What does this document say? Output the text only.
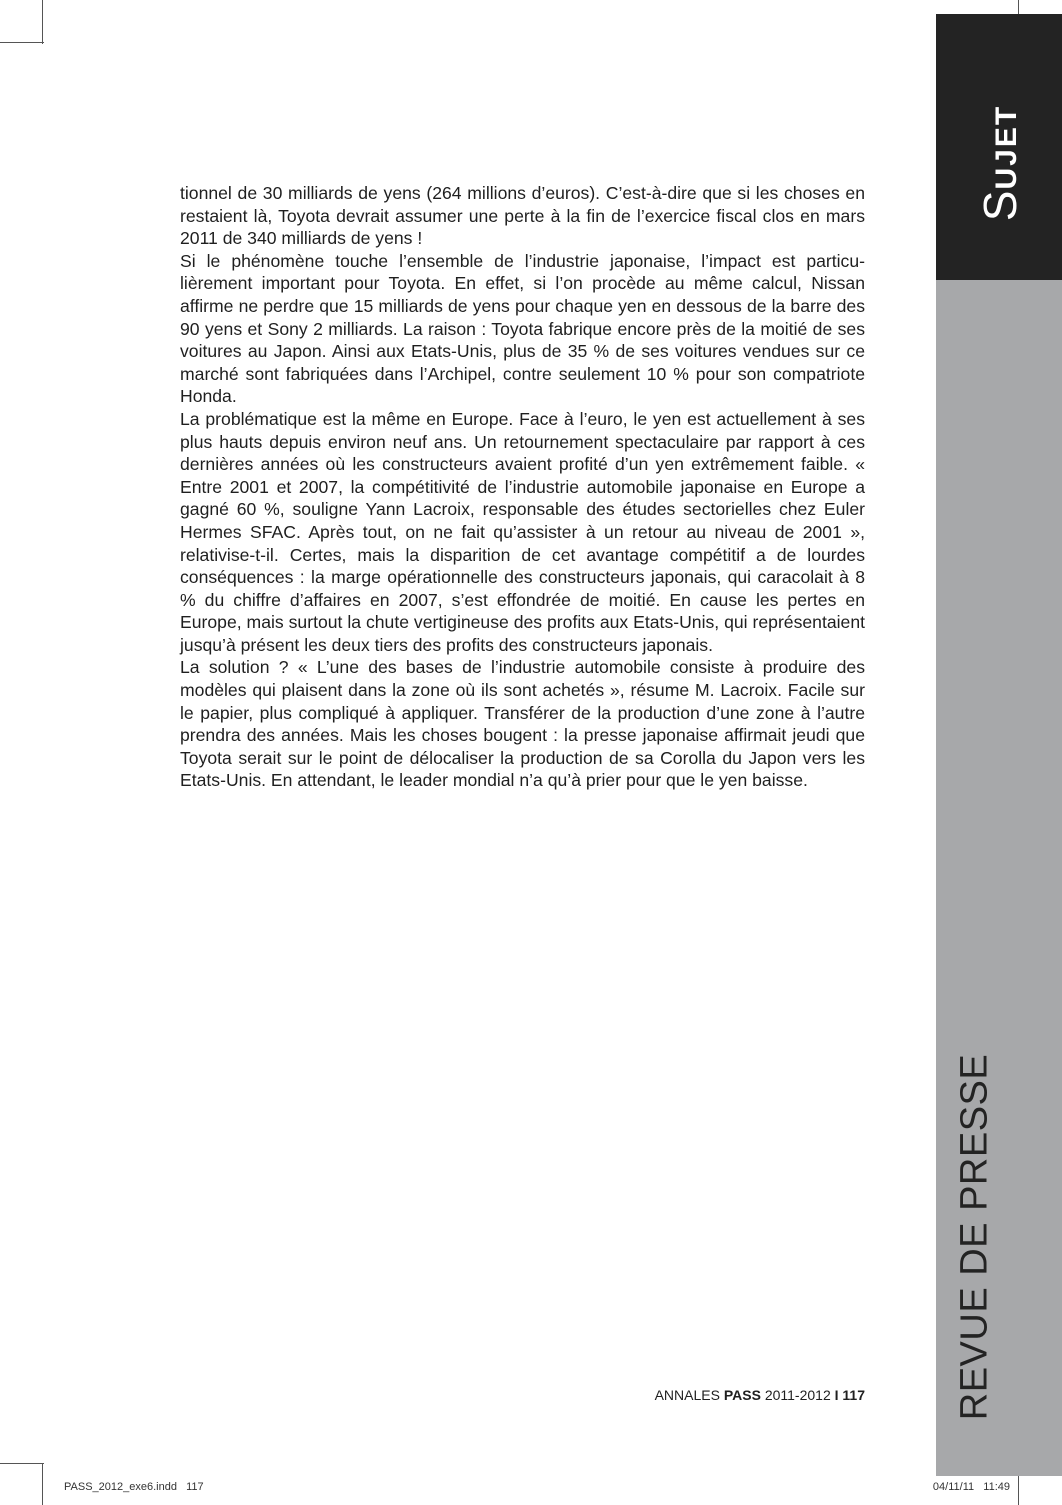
SUJET
REVUE DE PRESSE

tionnel de 30 milliards de yens (264 millions d’euros). C’est-à-dire que si les choses en restaient là, Toyota devrait assumer une perte à la fin de l’exercice fiscal clos en mars 2011 de 340 milliards de yens !

Si le phénomène touche l’ensemble de l’industrie japonaise, l’impact est particulièrement important pour Toyota. En effet, si l’on procède au même calcul, Nissan affirme ne perdre que 15 milliards de yens pour chaque yen en dessous de la barre des 90 yens et Sony 2 milliards. La raison : Toyota fabrique encore près de la moitié de ses voitures au Japon. Ainsi aux Etats-Unis, plus de 35 % de ses voitures vendues sur ce marché sont fabriquées dans l’Archipel, contre seulement 10 % pour son compatriote Honda.

La problématique est la même en Europe. Face à l’euro, le yen est actuellement à ses plus hauts depuis environ neuf ans. Un retournement spectaculaire par rapport à ces dernières années où les constructeurs avaient profité d’un yen extrêmement faible. « Entre 2001 et 2007, la compétitivité de l’industrie automobile japonaise en Europe a gagné 60 %, souligne Yann Lacroix, responsable des études sectorielles chez Euler Hermes SFAC. Après tout, on ne fait qu’assister à un retour au niveau de 2001 », relativise-t-il. Certes, mais la disparition de cet avantage compétitif a de lourdes conséquences : la marge opérationnelle des constructeurs japonais, qui caracolait à 8 % du chiffre d’affaires en 2007, s’est effondrée de moitié. En cause les pertes en Europe, mais surtout la chute vertigineuse des profits aux Etats-Unis, qui représentaient jusqu’à présent les deux tiers des profits des constructeurs japonais.

La solution ? « L’une des bases de l’industrie automobile consiste à produire des modèles qui plaisent dans la zone où ils sont achetés », résume M. Lacroix. Facile sur le papier, plus compliqué à appliquer. Transférer de la production d’une zone à l’autre prendra des années. Mais les choses bougent : la presse japonaise affirmait jeudi que Toyota serait sur le point de délocaliser la production de sa Corolla du Japon vers les Etats-Unis. En attendant, le leader mondial n’a qu’à prier pour que le yen baisse.

ANNALES PASS 2011-2012 I 117
PASS_2012_exe6.indd   117	04/11/11   11:49
